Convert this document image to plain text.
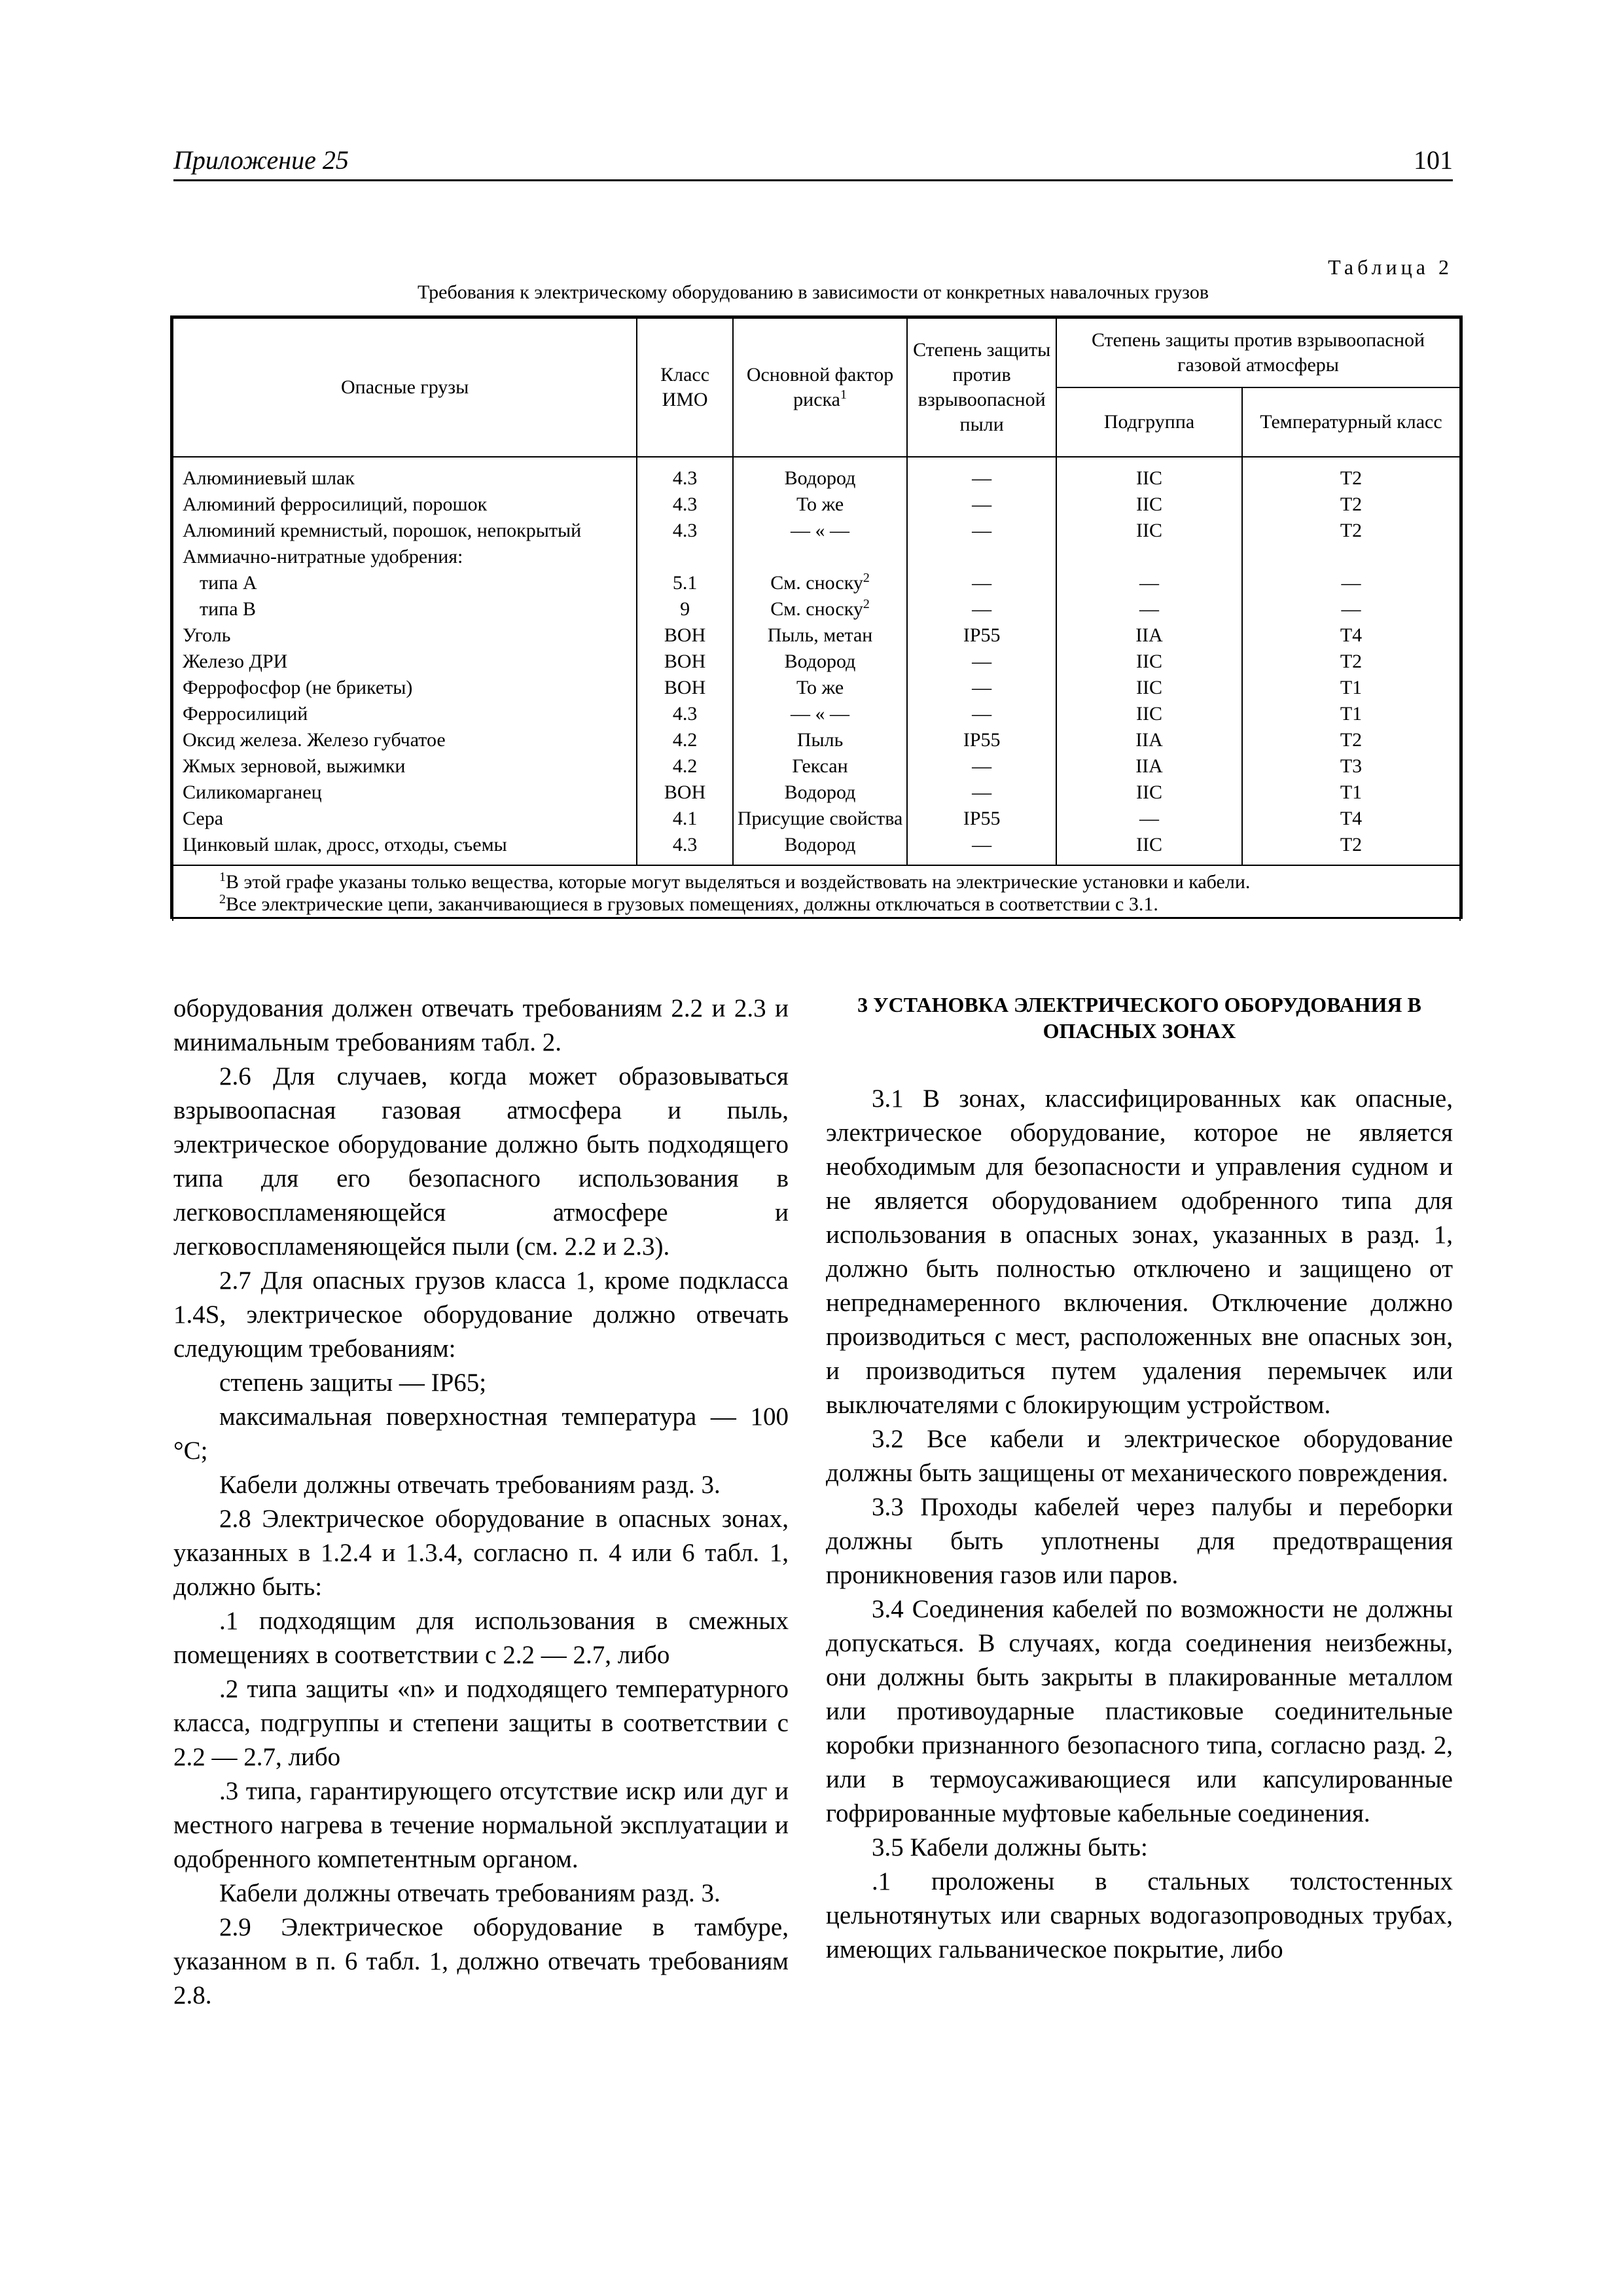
Приложение 25	101
Таблица 2
Требования к электрическому оборудованию в зависимости от конкретных навалочных грузов
Опасные грузы	Класс ИМО	Основной фактор риска$^1$	Степень защиты против взрывоопасной пыли	Степень защиты против взрывоопасной газовой атмосферы	
				Подгруппа	Температурный класс
Алюминиевый шлак	4.3	Водород	—	IIC	T2
Алюминий ферросилиций, порошок	4.3	То же	—	IIC	T2
Алюминий кремнистый, порошок, непокрытый	4.3	— « —	—	IIC	T2
Аммиачно-нитратные удобрения:					
типа А	5.1	См. сноску$^2$	—	—	—
типа В	9	См. сноску$^2$	—	—	—
Уголь	ВОН	Пыль, метан	IP55	IIA	T4
Железо ДРИ	ВОН	Водород	—	IIC	T2
Феррофосфор (не брикеты)	ВОН	То же	—	IIC	T1
Ферросилиций	4.3	— « —	—	IIC	T1
Оксид железа. Железо губчатое	4.2	Пыль	IP55	IIA	T2
Жмых зерновой, выжимки	4.2	Гексан	—	IIA	T3
Силикомарганец	ВОН	Водород	—	IIC	T1
Сера	4.1	Присущие свойства	IP55	—	T4
Цинковый шлак, дросс, отходы, съемы	4.3	Водород	—	IIC	T2

$^1$В этой графе указаны только вещества, которые могут выделяться и воздействовать на электрические установки и кабели.
$^2$Все электрические цепи, заканчивающиеся в грузовых помещениях, должны отключаться в соответствии с 3.1.					

оборудования должен отвечать требованиям 2.2 и 2.3 и минимальным требованиям табл. 2.

2.6 Для случаев, когда может образовываться взрывоопасная газовая атмосфера и пыль, электрическое оборудование должно быть подходящего типа для его безопасного использования в легковоспламеняющейся атмосфере и легковоспламеняющейся пыли (см. 2.2 и 2.3).

2.7 Для опасных грузов класса 1, кроме подкласса 1.4S, электрическое оборудование должно отвечать следующим требованиям:

степень защиты — IP65;

максимальная поверхностная температура — 100 °С;

Кабели должны отвечать требованиям разд. 3.

2.8 Электрическое оборудование в опасных зонах, указанных в 1.2.4 и 1.3.4, согласно п. 4 или 6 табл. 1, должно быть:

.1 подходящим для использования в смежных помещениях в соответствии с 2.2 — 2.7, либо

.2 типа защиты «n» и подходящего температурного класса, подгруппы и степени защиты в соответствии с 2.2 — 2.7, либо

.3 типа, гарантирующего отсутствие искр или дуг и местного нагрева в течение нормальной эксплуатации и одобренного компетентным органом.

Кабели должны отвечать требованиям разд. 3.

2.9 Электрическое оборудование в тамбуре, указанном в п. 6 табл. 1, должно отвечать требованиям 2.8.

3 УСТАНОВКА ЭЛЕКТРИЧЕСКОГО ОБОРУДОВАНИЯ В ОПАСНЫХ ЗОНАХ

3.1 В зонах, классифицированных как опасные, электрическое оборудование, которое не является необходимым для безопасности и управления судном и не является оборудованием одобренного типа для использования в опасных зонах, указанных в разд. 1, должно быть полностью отключено и защищено от непреднамеренного включения. Отключение должно производиться с мест, расположенных вне опасных зон, и производиться путем удаления перемычек или выключателями с блокирующим устройством.

3.2 Все кабели и электрическое оборудование должны быть защищены от механического повреждения.

3.3 Проходы кабелей через палубы и переборки должны быть уплотнены для предотвращения проникновения газов или паров.

3.4 Соединения кабелей по возможности не должны допускаться. В случаях, когда соединения неизбежны, они должны быть закрыты в плакированные металлом или противоударные пластиковые соединительные коробки признанного безопасного типа, согласно разд. 2, или в термоусаживающиеся или капсулированные гофрированные муфтовые кабельные соединения.

3.5 Кабели должны быть:

.1 проложены в стальных толстостенных цельнотянутых или сварных водогазопроводных трубах, имеющих гальваническое покрытие, либо
